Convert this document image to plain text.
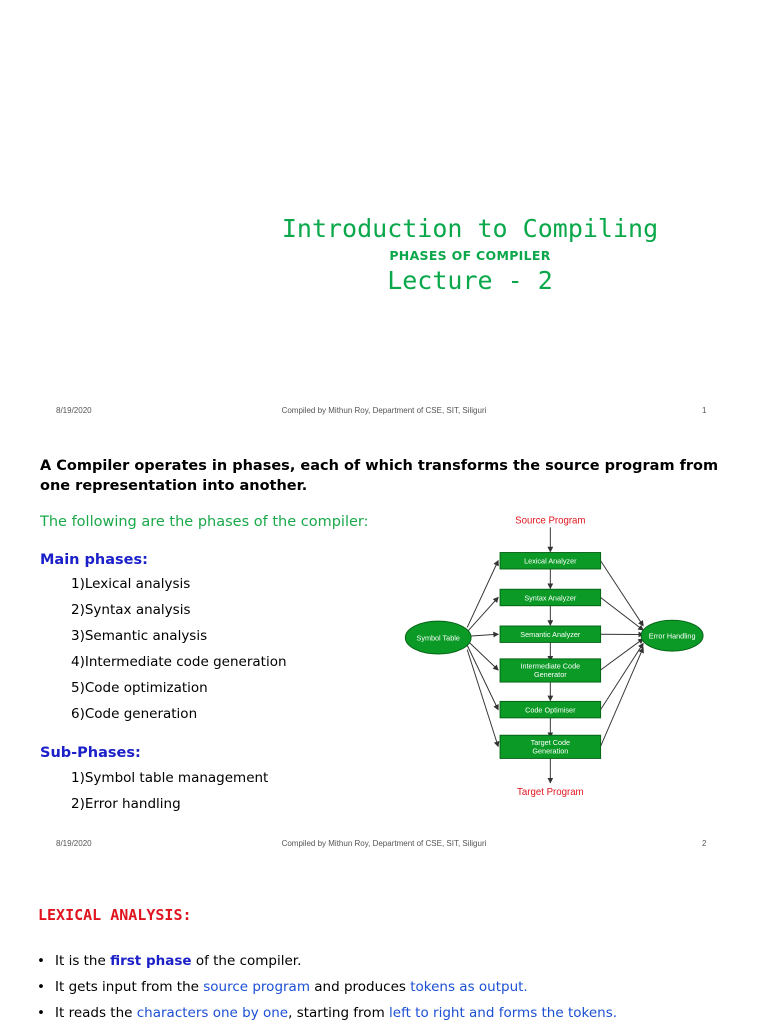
Introduction to Compiling
PHASES OF COMPILER
Lecture - 2
8/19/2020	Compiled by Mithun Roy, Department of CSE, SIT, Siliguri	1
A Compiler operates in phases, each of which transforms the source program from one representation into another.
The following are the phases of the compiler:
Main phases:
1)Lexical analysis
2)Syntax analysis
3)Semantic analysis
4)Intermediate code generation
5)Code optimization
6)Code generation
Sub-Phases:
1)Symbol table management
2)Error handling
Source Program
Lexical Analyzer
Syntax Analyzer
Semantic Analyzer
Intermediate Code
Generator
Code Optimiser
Target Code
Generation
Symbol Table	Error Handling
Target Program
8/19/2020	Compiled by Mithun Roy, Department of CSE, SIT, Siliguri	2
LEXICAL ANALYSIS:
• It is the first phase of the compiler.
• It gets input from the source program and produces tokens as output.
• It reads the characters one by one, starting from left to right and forms the tokens.
